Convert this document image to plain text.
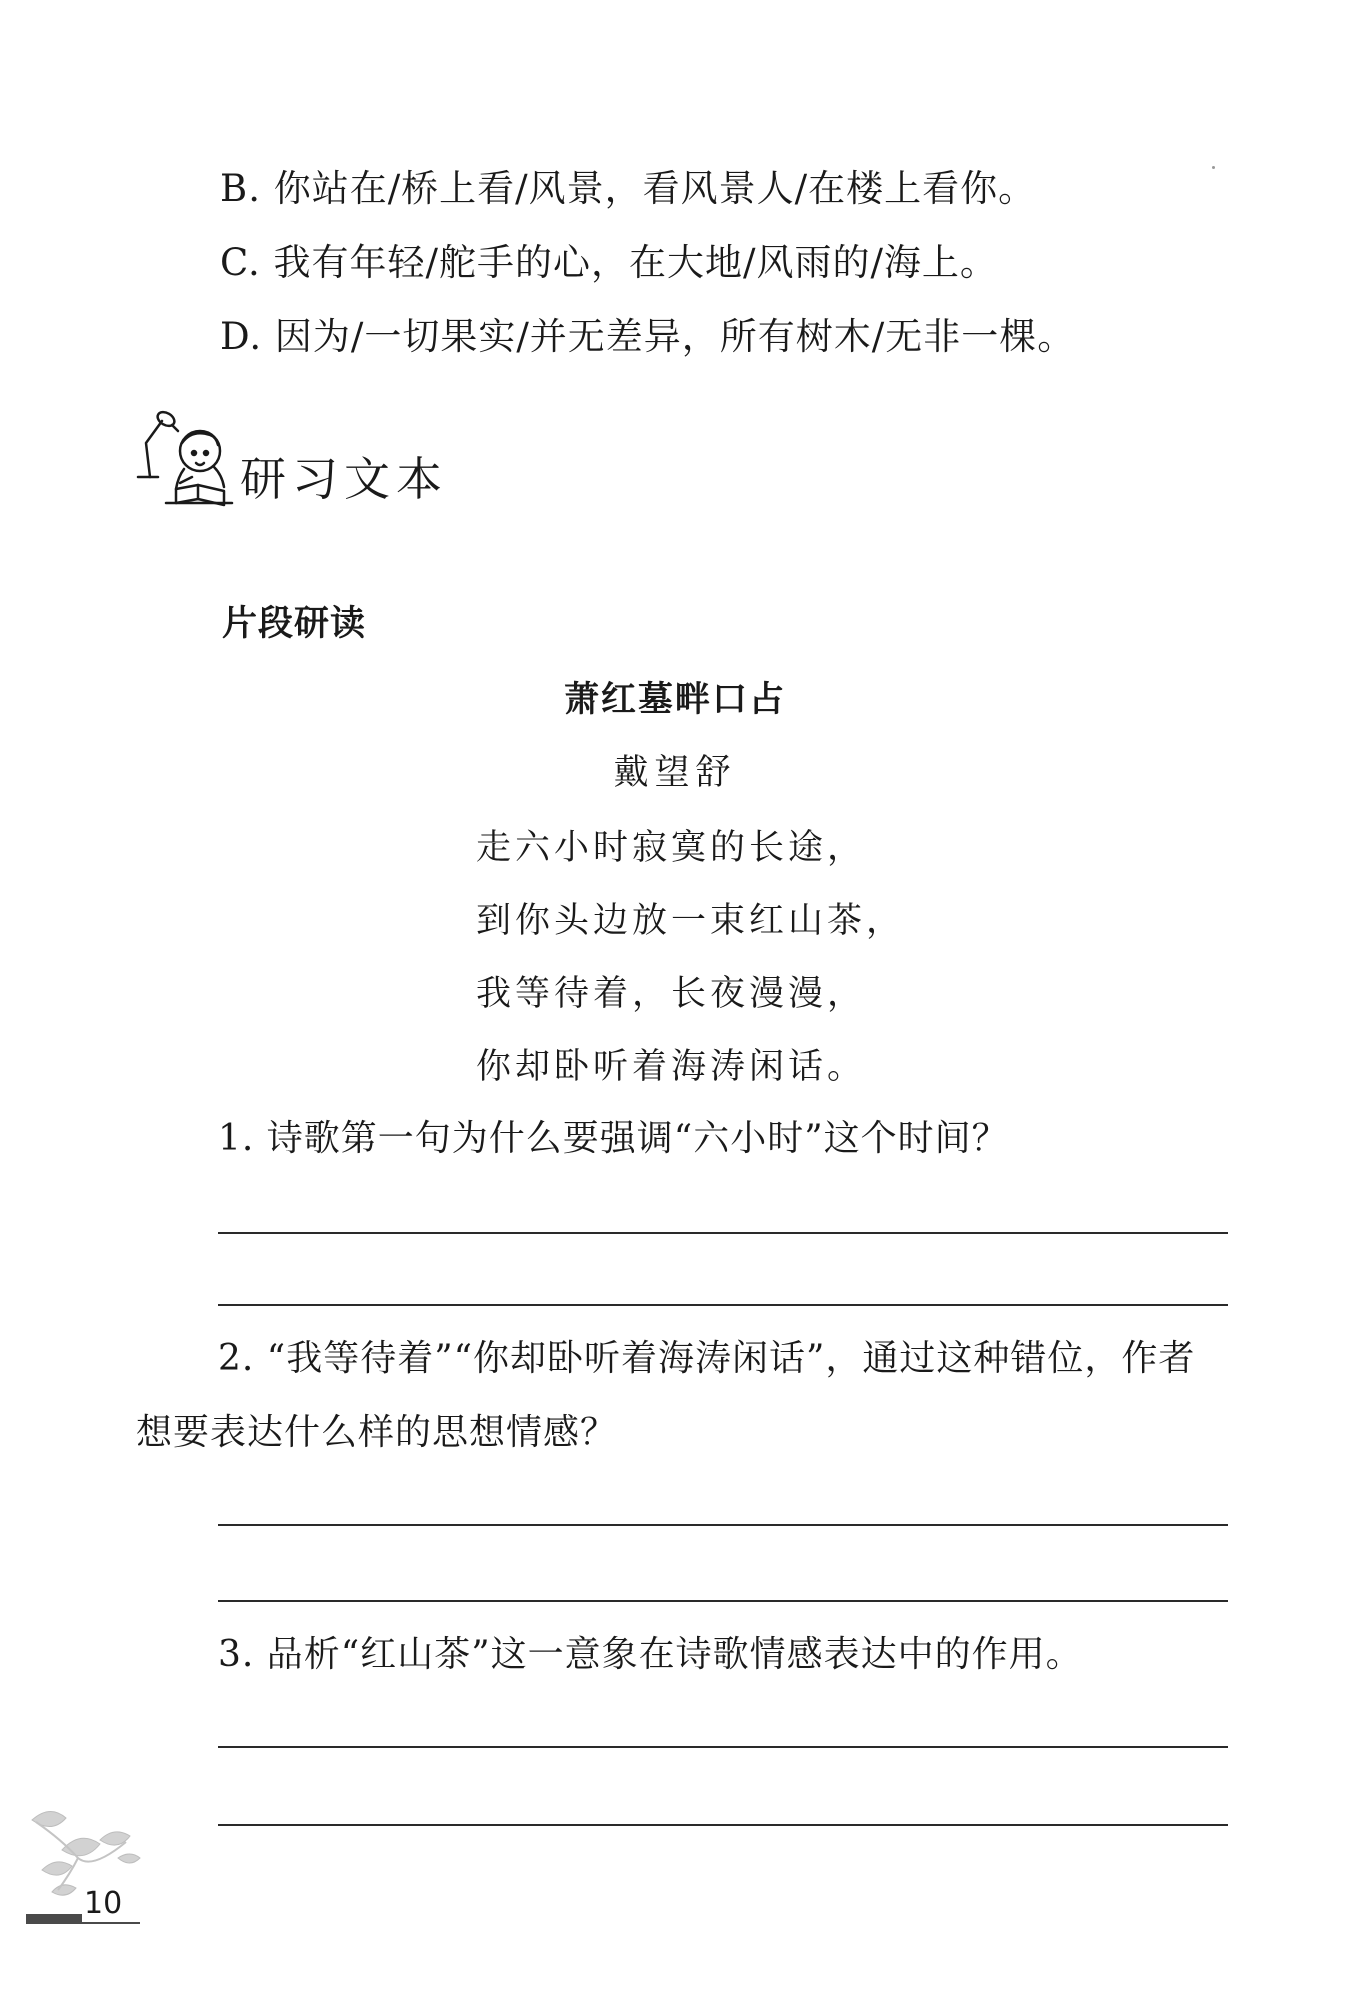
B. 你站在/桥上看/风景，看风景人/在楼上看你。
C. 我有年轻/舵手的心，在大地/风雨的/海上。
D. 因为/一切果实/并无差异，所有树木/无非一棵。
研习文本
片段研读
萧红墓畔口占
戴望舒
走六小时寂寞的长途，
到你头边放一束红山茶，
我等待着，长夜漫漫，
你却卧听着海涛闲话。
1. 诗歌第一句为什么要强调“六小时”这个时间？
2. “我等待着”“你却卧听着海涛闲话”，通过这种错位，作者
想要表达什么样的思想情感？
3. 品析“红山茶”这一意象在诗歌情感表达中的作用。
10
